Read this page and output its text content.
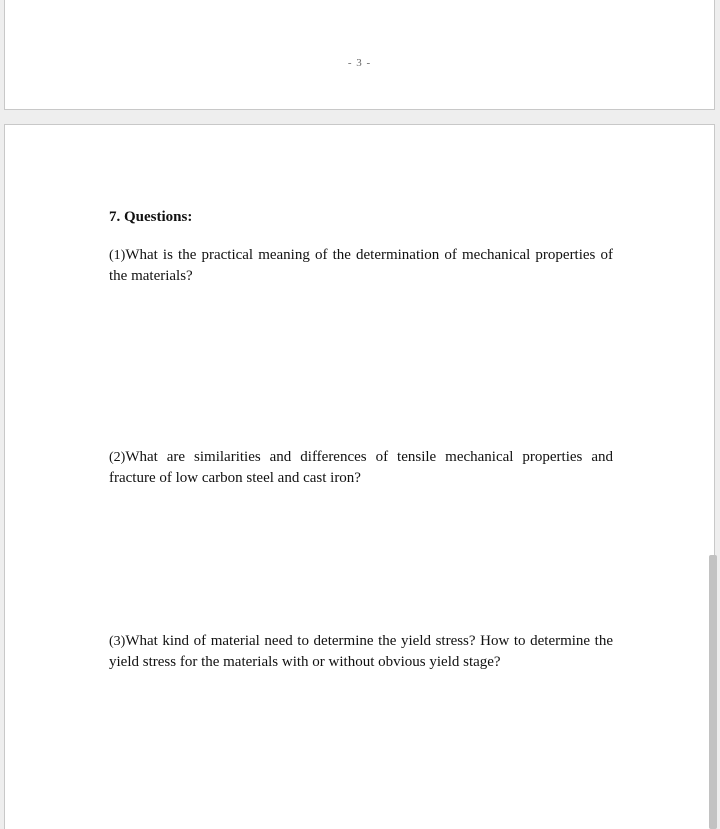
- 3 -

7. Questions:

(1)What is the practical meaning of the determination of mechanical properties of the materials?

(2)What are similarities and differences of tensile mechanical properties and fracture of low carbon steel and cast iron?

(3)What kind of material need to determine the yield stress? How to determine the yield stress for the materials with or without obvious yield stage?
